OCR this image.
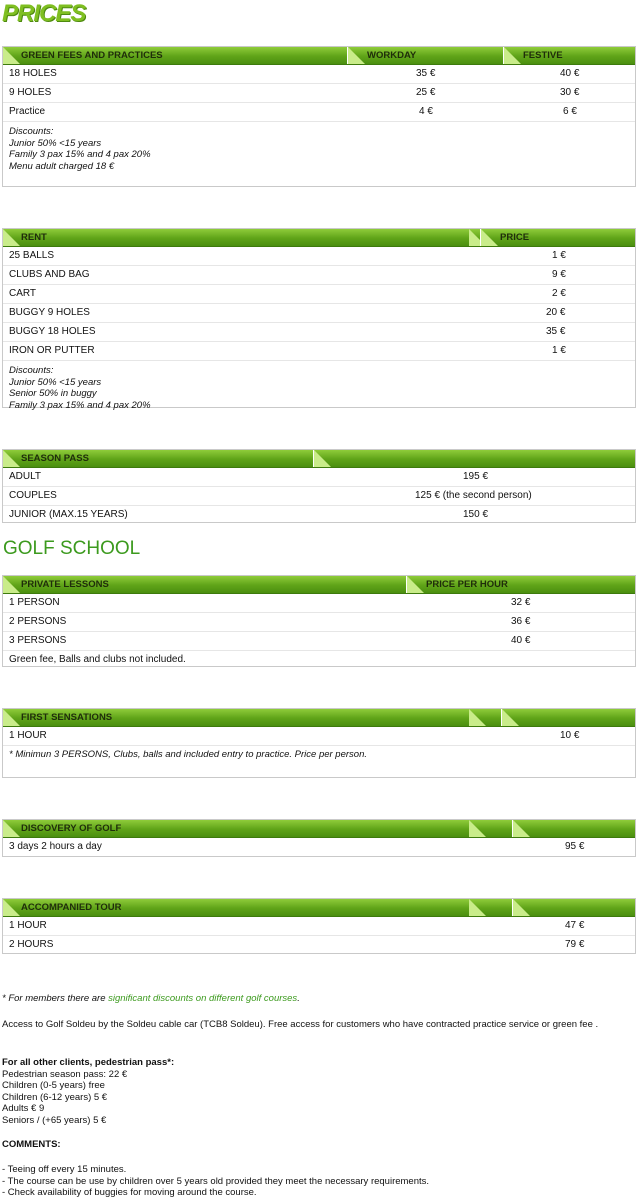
PRICES
GREEN FEES AND PRACTICES	WORKDAY	FESTIVE
18 HOLES	35 €	40 €
9 HOLES	25 €	30 €
Practice	4 €	6 €
Discounts:
Junior 50% <15 years
Family 3 pax 15% and 4 pax 20%
Menu adult charged 18 €
RENT	PRICE
25 BALLS	1 €
CLUBS AND BAG	9 €
CART	2 €
BUGGY 9 HOLES	20 €
BUGGY 18 HOLES	35 €
IRON OR PUTTER	1 €
Discounts:
Junior 50% <15 years
Senior 50% in buggy
Family 3 pax 15% and 4 pax 20%
SEASON PASS
ADULT	195 €
COUPLES	125 € (the second person)
JUNIOR (MAX.15 YEARS)	150 €
GOLF SCHOOL
PRIVATE LESSONS	PRICE PER HOUR
1 PERSON	32 €
2 PERSONS	36 €
3 PERSONS	40 €
Green fee, Balls and clubs not included.
FIRST SENSATIONS
1 HOUR	10 €
* Minimun 3 PERSONS, Clubs, balls and included entry to practice. Price per person.
DISCOVERY OF GOLF
3 days 2 hours a day	95 €
ACCOMPANIED TOUR
1 HOUR	47 €
2 HOURS	79 €
* For members there are significant discounts on different golf courses.
Access to Golf Soldeu by the Soldeu cable car (TCB8 Soldeu). Free access for customers who have contracted practice service or green fee .
For all other clients, pedestrian pass*:
Pedestrian season pass: 22 €
Children (0-5 years) free
Children (6-12 years) 5 €
Adults € 9
Seniors / (+65 years) 5 €
COMMENTS:
- Teeing off every 15 minutes.
- The course can be use by children over 5 years old provided they meet the necessary requirements.
- Check availability of buggies for moving around the course.
